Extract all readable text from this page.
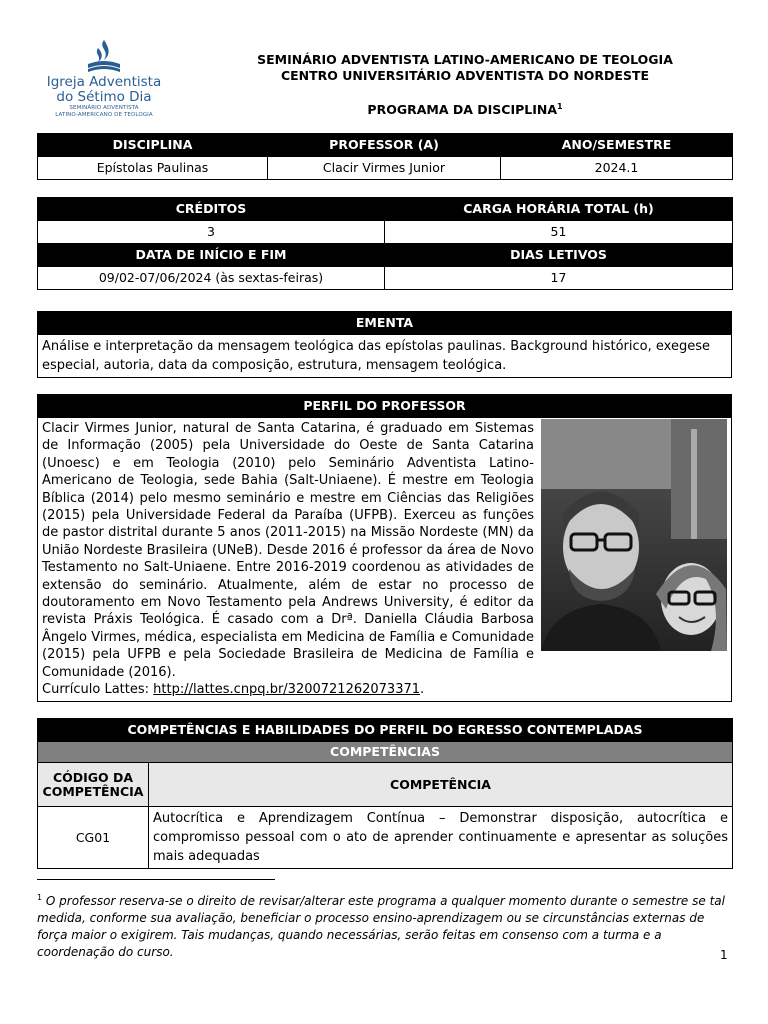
Igreja Adventista
do Sétimo Dia
SEMINÁRIO ADVENTISTA
LATINO-AMERICANO DE TEOLOGIA
SEMINÁRIO ADVENTISTA LATINO-AMERICANO DE TEOLOGIA
CENTRO UNIVERSITÁRIO ADVENTISTA DO NORDESTE
PROGRAMA DA DISCIPLINA$^1$
DISCIPLINA	PROFESSOR (A)	ANO/SEMESTRE
Epístolas Paulinas	Clacir Virmes Junior	2024.1
CRÉDITOS	CARGA HORÁRIA TOTAL (h)
3	51
DATA DE INÍCIO E FIM	DIAS LETIVOS
09/02-07/06/2024 (às sextas-feiras)	17
EMENTA
Análise e interpretação da mensagem teológica das epístolas paulinas. Background histórico, exegese especial, autoria, data da composição, estrutura, mensagem teológica.
PERFIL DO PROFESSOR

Clacir Virmes Junior, natural de Santa Catarina, é graduado em Sistemas de Informação (2005) pela Universidade do Oeste de Santa Catarina (Unoesc) e em Teologia (2010) pelo Seminário Adventista Latino-Americano de Teologia, sede Bahia (Salt-Uniaene). É mestre em Teologia Bíblica (2014) pelo mesmo seminário e mestre em Ciências das Religiões (2015) pela Universidade Federal da Paraíba (UFPB). Exerceu as funções de pastor distrital durante 5 anos (2011-2015) na Missão Nordeste (MN) da União Nordeste Brasileira (UNeB). Desde 2016 é professor da área de Novo Testamento no Salt-Uniaene. Entre 2016-2019 coordenou as atividades de extensão do seminário. Atualmente, além de estar no processo de doutoramento em Novo Testamento pela Andrews University, é editor da revista Práxis Teológica. É casado com a Drª. Daniella Cláudia Barbosa Ângelo Virmes, médica, especialista em Medicina de Família e Comunidade (2015) pela UFPB e pela Sociedade Brasileira de Medicina de Família e Comunidade (2016).
Currículo Lattes: http://lattes.cnpq.br/3200721262073371.
COMPETÊNCIAS E HABILIDADES DO PERFIL DO EGRESSO CONTEMPLADAS	
COMPETÊNCIAS	
CÓDIGO DA COMPETÊNCIA	COMPETÊNCIA
CG01	Autocrítica e Aprendizagem Contínua – Demonstrar disposição, autocrítica e compromisso pessoal com o ato de aprender continuamente e apresentar as soluções mais adequadas
$^1$ O professor reserva-se o direito de revisar/alterar este programa a qualquer momento durante o semestre se tal medida, conforme sua avaliação, beneficiar o processo ensino-aprendizagem ou se circunstâncias externas de força maior o exigirem. Tais mudanças, quando necessárias, serão feitas em consenso com a turma e a coordenação do curso.	1
